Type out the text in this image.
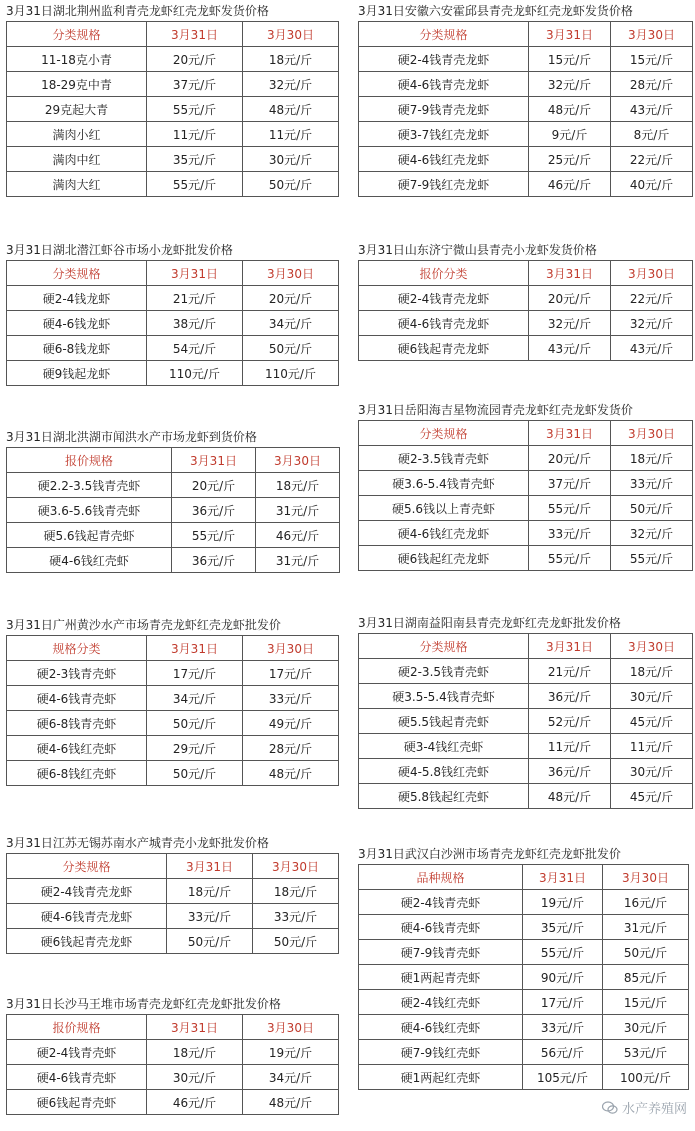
3月31日湖北荆州监利青壳龙虾红壳龙虾发货价格
分类规格	3月31日	3月30日
11-18克小青	20元/斤	18元/斤
18-29克中青	37元/斤	32元/斤
29克起大青	55元/斤	48元/斤
满肉小红	11元/斤	11元/斤
满肉中红	35元/斤	30元/斤
满肉大红	55元/斤	50元/斤
3月31日湖北潜江虾谷市场小龙虾批发价格
分类规格	3月31日	3月30日
硬2-4钱龙虾	21元/斤	20元/斤
硬4-6钱龙虾	38元/斤	34元/斤
硬6-8钱龙虾	54元/斤	50元/斤
硬9钱起龙虾	110元/斤	110元/斤
3月31日湖北洪湖市闻洪水产市场龙虾到货价格
报价规格	3月31日	3月30日
硬2.2-3.5钱青壳虾	20元/斤	18元/斤
硬3.6-5.6钱青壳虾	36元/斤	31元/斤
硬5.6钱起青壳虾	55元/斤	46元/斤
硬4-6钱红壳虾	36元/斤	31元/斤
3月31日广州黄沙水产市场青壳龙虾红壳龙虾批发价
规格分类	3月31日	3月30日
硬2-3钱青壳虾	17元/斤	17元/斤
硬4-6钱青壳虾	34元/斤	33元/斤
硬6-8钱青壳虾	50元/斤	49元/斤
硬4-6钱红壳虾	29元/斤	28元/斤
硬6-8钱红壳虾	50元/斤	48元/斤
3月31日江苏无锡苏南水产城青壳小龙虾批发价格
分类规格	3月31日	3月30日
硬2-4钱青壳龙虾	18元/斤	18元/斤
硬4-6钱青壳龙虾	33元/斤	33元/斤
硬6钱起青壳龙虾	50元/斤	50元/斤
3月31日长沙马王堆市场青壳龙虾红壳龙虾批发价格
报价规格	3月31日	3月30日
硬2-4钱青壳虾	18元/斤	19元/斤
硬4-6钱青壳虾	30元/斤	34元/斤
硬6钱起青壳虾	46元/斤	48元/斤
3月31日安徽六安霍邱县青壳龙虾红壳龙虾发货价格
分类规格	3月31日	3月30日
硬2-4钱青壳龙虾	15元/斤	15元/斤
硬4-6钱青壳龙虾	32元/斤	28元/斤
硬7-9钱青壳龙虾	48元/斤	43元/斤
硬3-7钱红壳龙虾	9元/斤	8元/斤
硬4-6钱红壳龙虾	25元/斤	22元/斤
硬7-9钱红壳龙虾	46元/斤	40元/斤
3月31日山东济宁微山县青壳小龙虾发货价格
报价分类	3月31日	3月30日
硬2-4钱青壳龙虾	20元/斤	22元/斤
硬4-6钱青壳龙虾	32元/斤	32元/斤
硬6钱起青壳龙虾	43元/斤	43元/斤
3月31日岳阳海吉星物流园青壳龙虾红壳龙虾发货价
分类规格	3月31日	3月30日
硬2-3.5钱青壳虾	20元/斤	18元/斤
硬3.6-5.4钱青壳虾	37元/斤	33元/斤
硬5.6钱以上青壳虾	55元/斤	50元/斤
硬4-6钱红壳龙虾	33元/斤	32元/斤
硬6钱起红壳龙虾	55元/斤	55元/斤
3月31日湖南益阳南县青壳龙虾红壳龙虾批发价格
分类规格	3月31日	3月30日
硬2-3.5钱青壳虾	21元/斤	18元/斤
硬3.5-5.4钱青壳虾	36元/斤	30元/斤
硬5.5钱起青壳虾	52元/斤	45元/斤
硬3-4钱红壳虾	11元/斤	11元/斤
硬4-5.8钱红壳虾	36元/斤	30元/斤
硬5.8钱起红壳虾	48元/斤	45元/斤
3月31日武汉白沙洲市场青壳龙虾红壳龙虾批发价
品种规格	3月31日	3月30日
硬2-4钱青壳虾	19元/斤	16元/斤
硬4-6钱青壳虾	35元/斤	31元/斤
硬7-9钱青壳虾	55元/斤	50元/斤
硬1两起青壳虾	90元/斤	85元/斤
硬2-4钱红壳虾	17元/斤	15元/斤
硬4-6钱红壳虾	33元/斤	30元/斤
硬7-9钱红壳虾	56元/斤	53元/斤
硬1两起红壳虾	105元/斤	100元/斤
水产养殖网
